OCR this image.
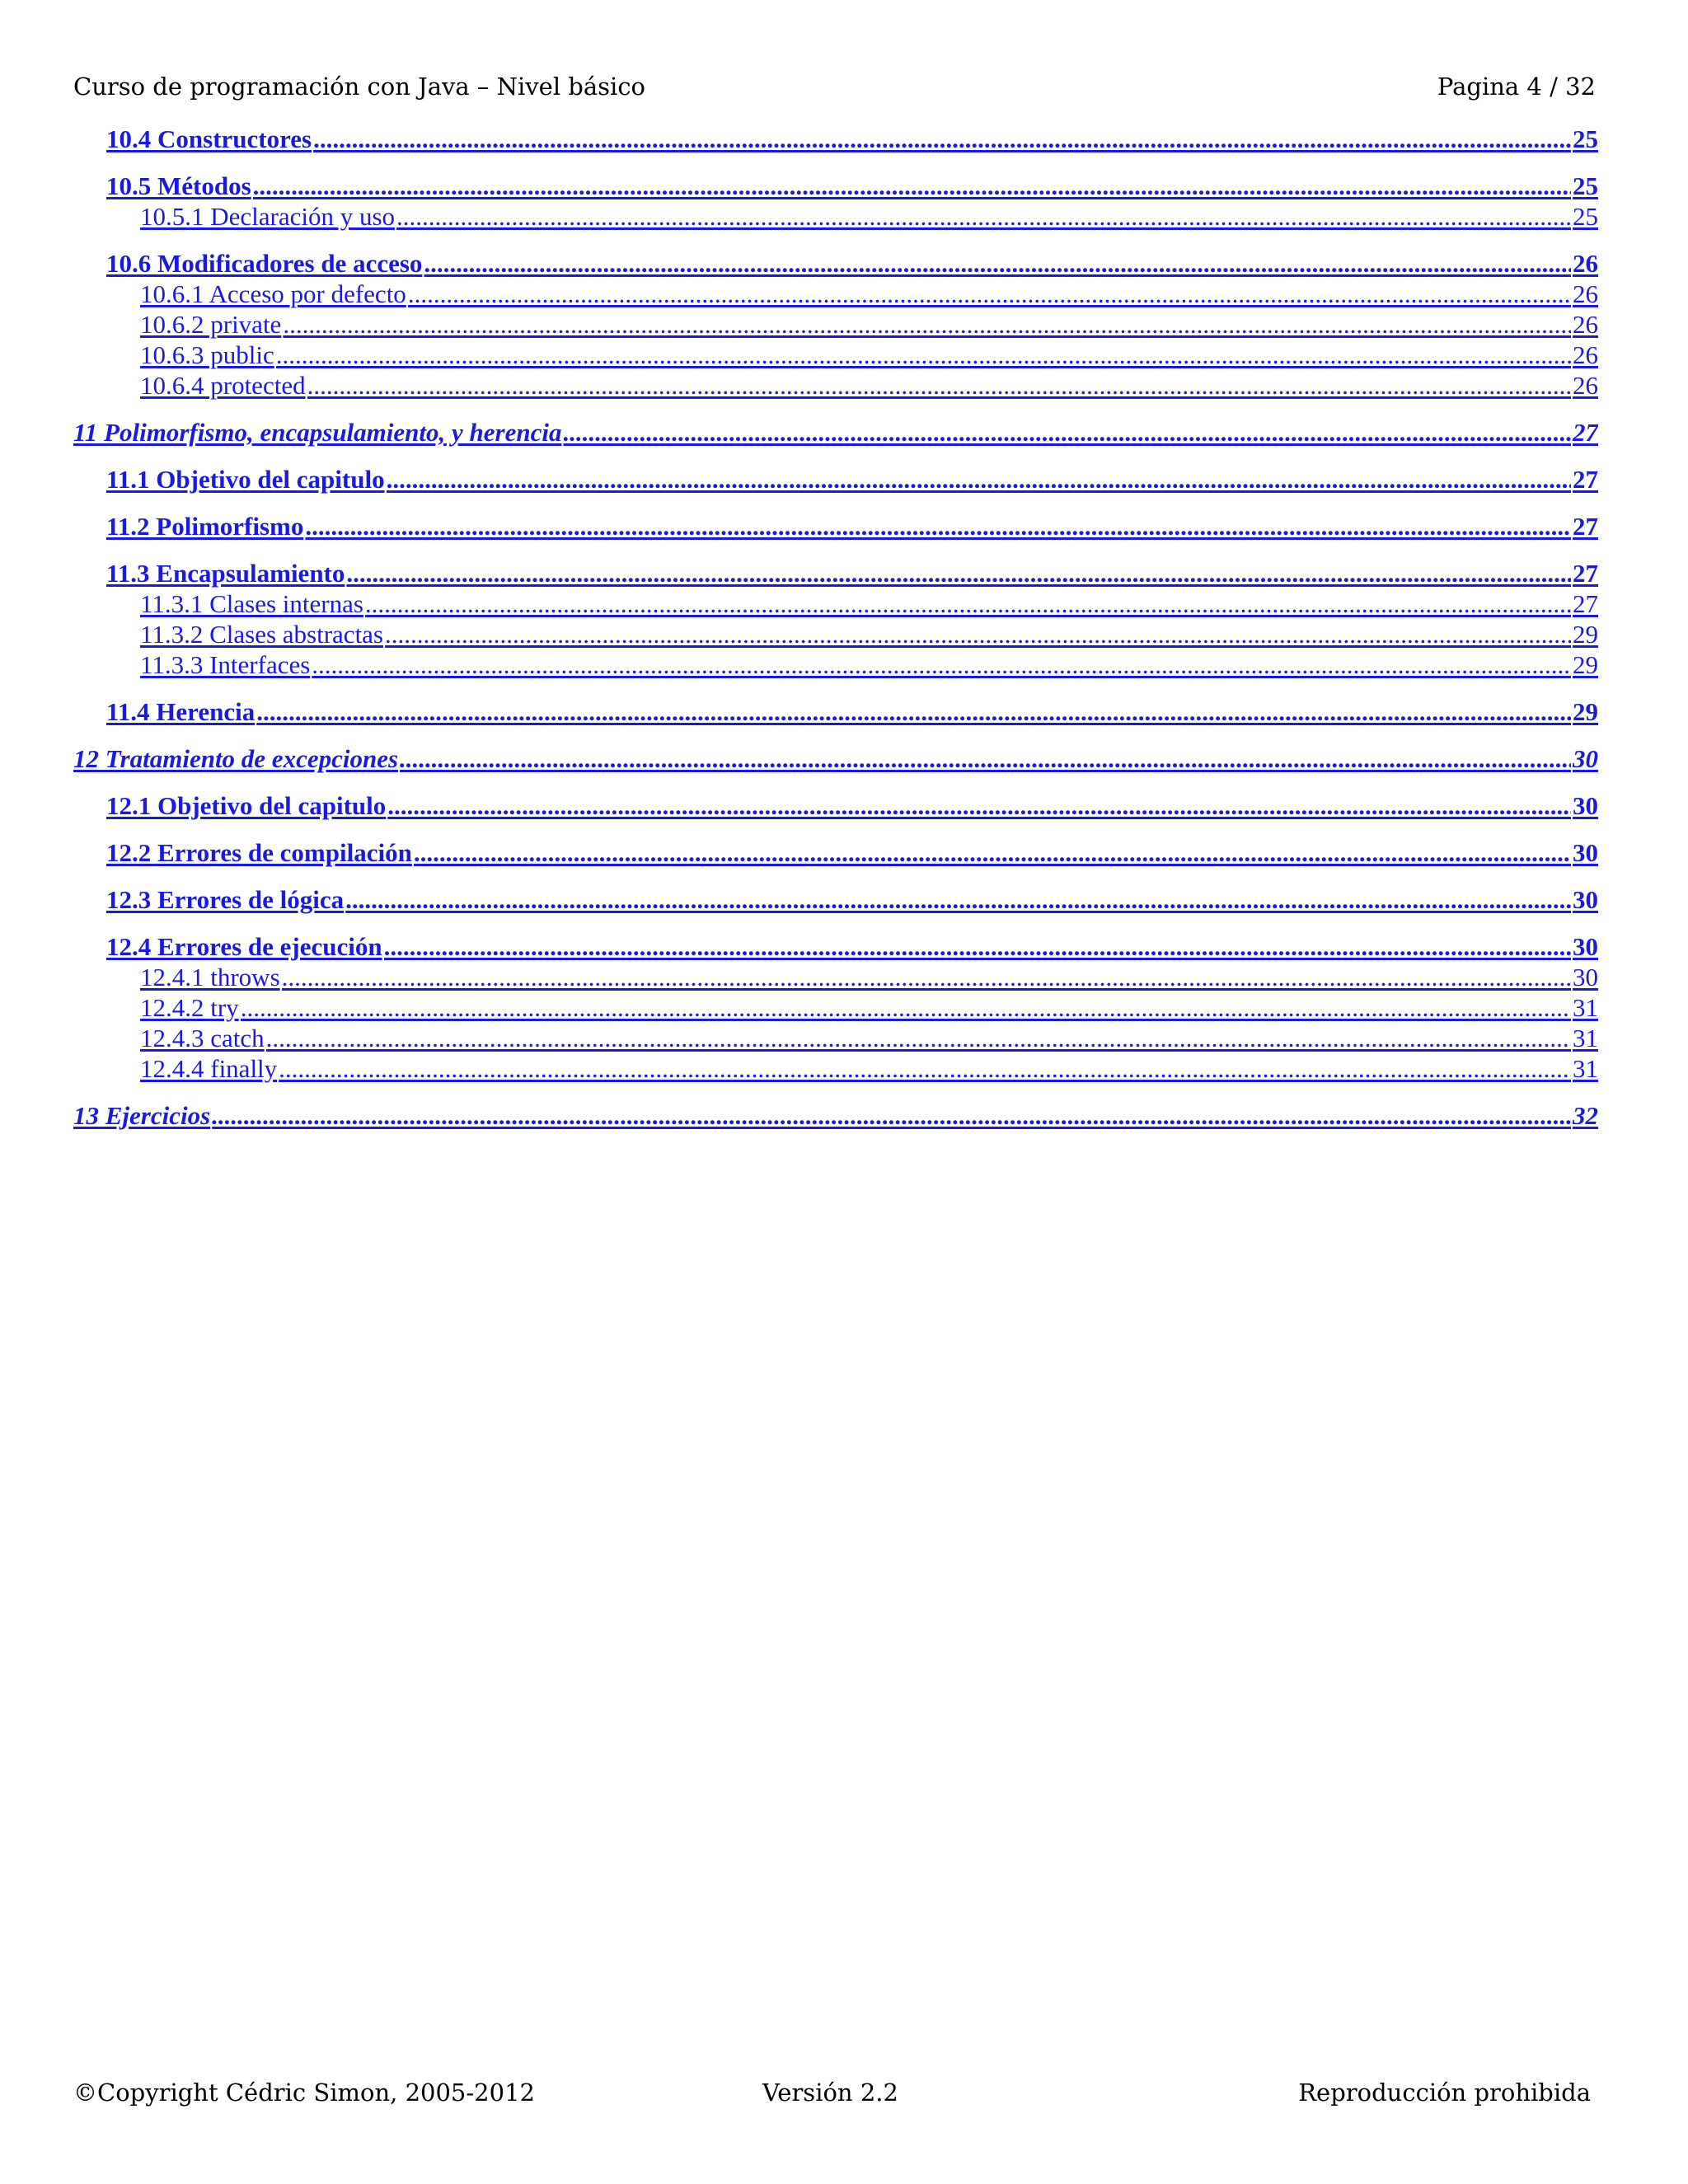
Curso de programación con Java – Nivel básico	Pagina 4 / 32
10.4 Constructores .....	25
10.5 Métodos .....	25
10.5.1 Declaración y uso .....	25
10.6 Modificadores de acceso .....	26
10.6.1 Acceso por defecto .....	26
10.6.2 private .....	26
10.6.3 public .....	26
10.6.4 protected .....	26
11 Polimorfismo, encapsulamiento, y herencia .....	27
11.1 Objetivo del capitulo .....	27
11.2 Polimorfismo .....	27
11.3 Encapsulamiento .....	27
11.3.1 Clases internas .....	27
11.3.2 Clases abstractas .....	29
11.3.3 Interfaces .....	29
11.4 Herencia .....	29
12 Tratamiento de excepciones .....	30
12.1 Objetivo del capitulo .....	30
12.2 Errores de compilación .....	30
12.3 Errores de lógica .....	30
12.4 Errores de ejecución .....	30
12.4.1 throws .....	30
12.4.2 try .....	31
12.4.3 catch .....	31
12.4.4 finally .....	31
13 Ejercicios .....	32
©Copyright Cédric Simon, 2005-2012	Versión 2.2	Reproducción prohibida
